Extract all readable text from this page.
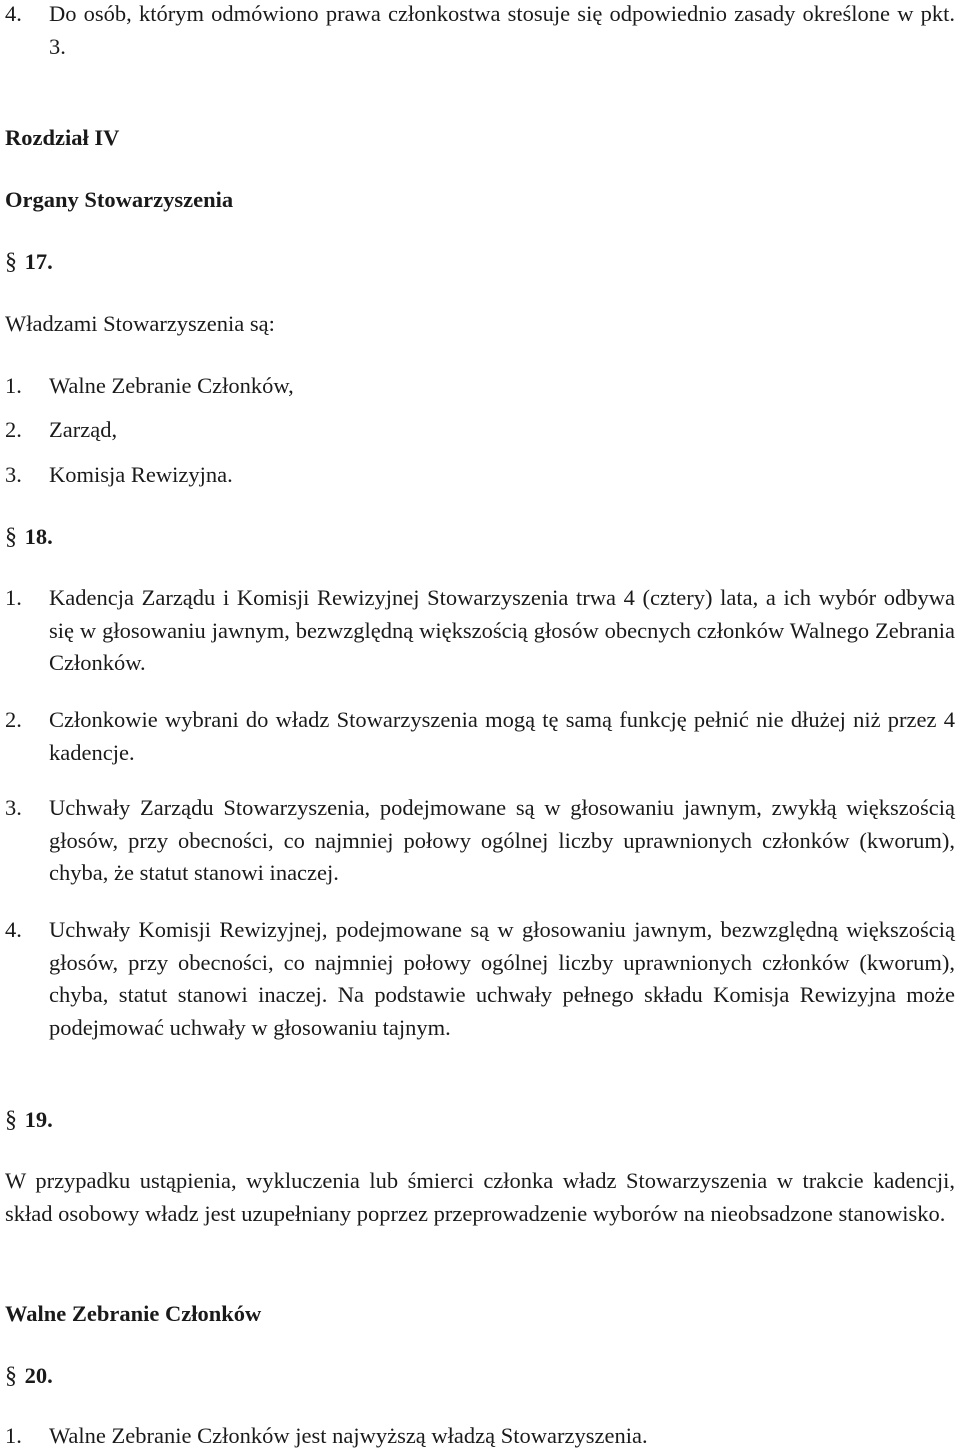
4. Do osób, którym odmówiono prawa członkostwa stosuje się odpowiednio zasady określone w pkt. 3.
Rozdział IV
Organy Stowarzyszenia
§ 17.
Władzami Stowarzyszenia są:
1. Walne Zebranie Członków,
2. Zarząd,
3. Komisja Rewizyjna.
§ 18.
1. Kadencja Zarządu i Komisji Rewizyjnej Stowarzyszenia trwa 4 (cztery) lata, a ich wybór odbywa się w głosowaniu jawnym, bezwzględną większością głosów obecnych członków Walnego Zebrania Członków.
2. Członkowie wybrani do władz Stowarzyszenia mogą tę samą funkcję pełnić nie dłużej niż przez 4 kadencje.
3. Uchwały Zarządu Stowarzyszenia, podejmowane są w głosowaniu jawnym, zwykłą większością głosów, przy obecności, co najmniej połowy ogólnej liczby uprawnionych członków (kworum), chyba, że statut stanowi inaczej.
4. Uchwały Komisji Rewizyjnej, podejmowane są w głosowaniu jawnym, bezwzględną większością głosów, przy obecności, co najmniej połowy ogólnej liczby uprawnionych członków (kworum), chyba, statut stanowi inaczej. Na podstawie uchwały pełnego składu Komisja Rewizyjna może podejmować uchwały w głosowaniu tajnym.
§ 19.
W przypadku ustąpienia, wykluczenia lub śmierci członka władz Stowarzyszenia w trakcie kadencji, skład osobowy władz jest uzupełniany poprzez przeprowadzenie wyborów na nieobsadzone stanowisko.
Walne Zebranie Członków
§ 20.
1. Walne Zebranie Członków jest najwyższą władzą Stowarzyszenia.
